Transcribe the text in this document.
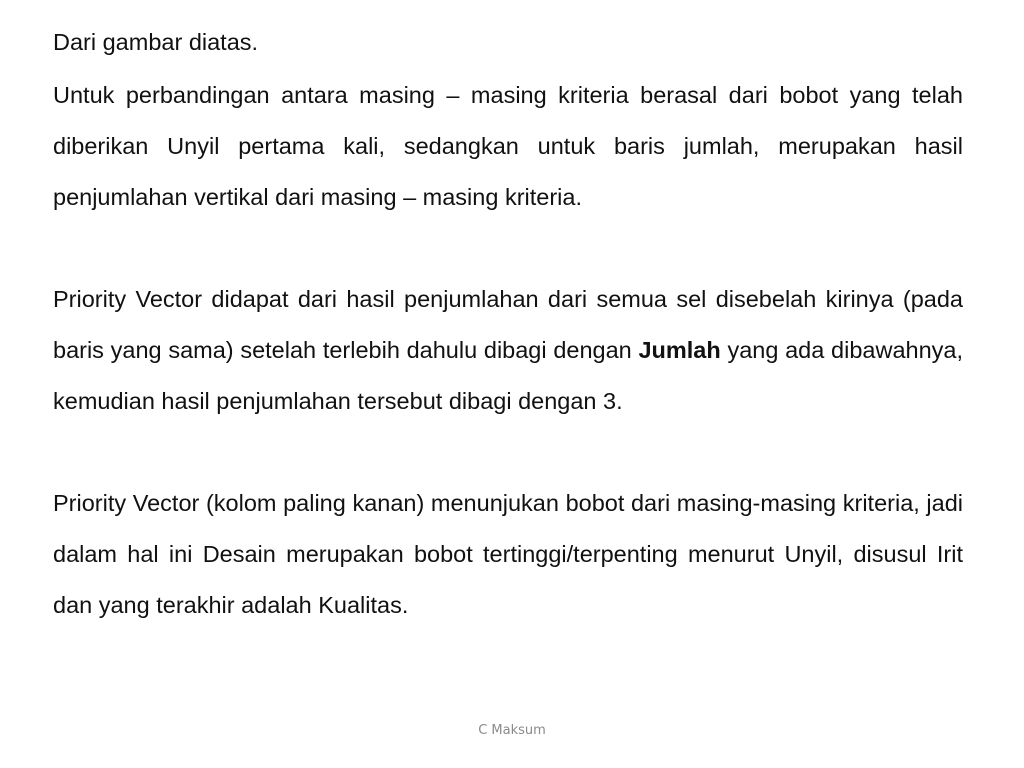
Dari gambar diatas.

Untuk perbandingan antara masing – masing kriteria berasal dari bobot yang telah diberikan Unyil pertama kali, sedangkan untuk baris jumlah, merupakan hasil penjumlahan vertikal dari masing – masing kriteria.

Priority Vector didapat dari hasil penjumlahan dari semua sel disebelah kirinya (pada baris yang sama) setelah terlebih dahulu dibagi dengan Jumlah yang ada dibawahnya, kemudian hasil penjumlahan tersebut dibagi dengan 3.

Priority Vector (kolom paling kanan) menunjukan bobot dari masing-masing kriteria, jadi dalam hal ini Desain merupakan bobot tertinggi/terpenting menurut Unyil, disusul Irit dan yang terakhir adalah Kualitas.

C Maksum
